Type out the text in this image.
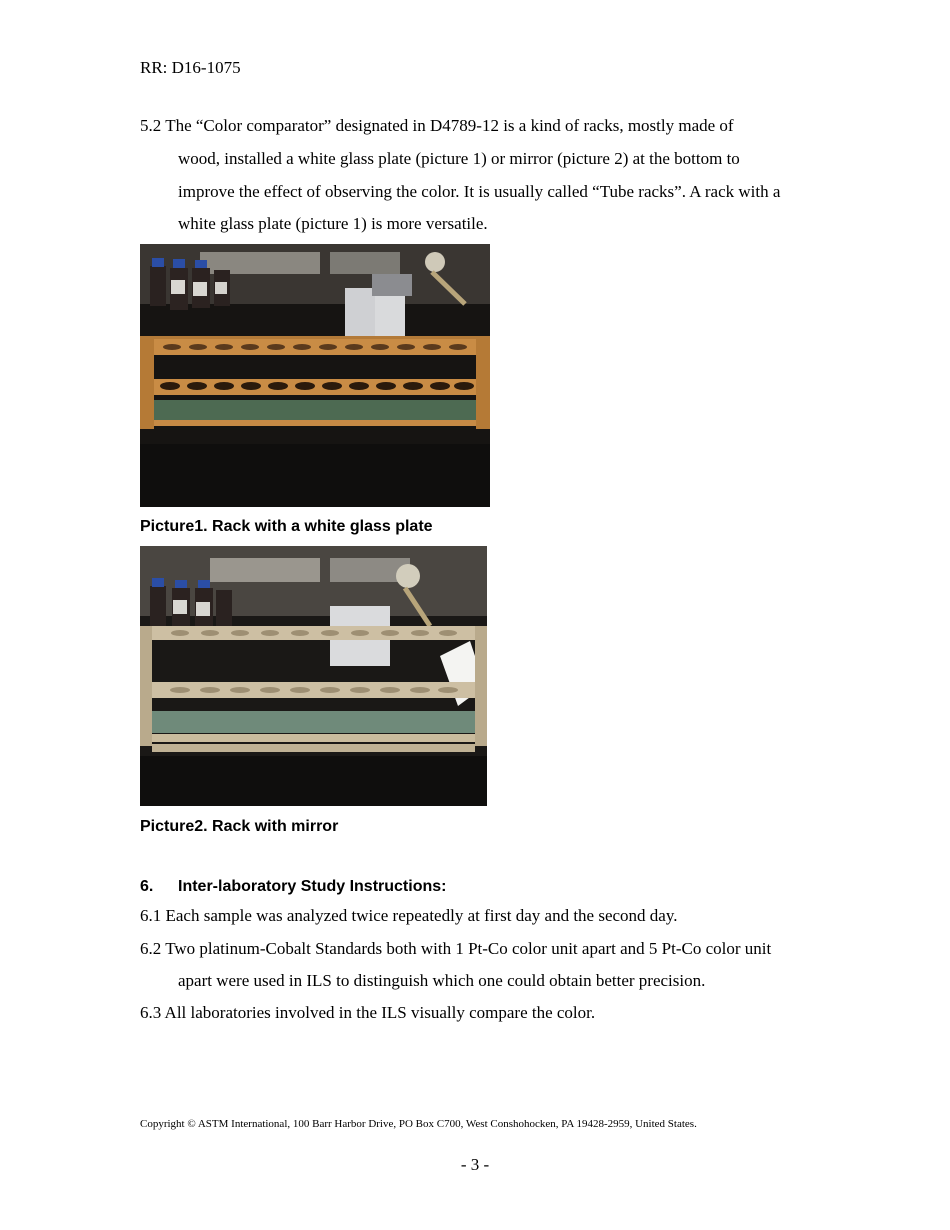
RR: D16-1075
5.2 The “Color comparator” designated in D4789-12 is a kind of racks, mostly made of
wood, installed a white glass plate (picture 1) or mirror (picture 2) at the bottom to
improve the effect of observing the color. It is usually called “Tube racks”. A rack with a
white glass plate (picture 1) is more versatile.
Picture1. Rack with a white glass plate
Picture2. Rack with mirror
6. Inter-laboratory Study Instructions:
6.1 Each sample was analyzed twice repeatedly at first day and the second day.
6.2 Two platinum-Cobalt Standards both with 1 Pt-Co color unit apart and 5 Pt-Co color unit
apart were used in ILS to distinguish which one could obtain better precision.
6.3 All laboratories involved in the ILS visually compare the color.
Copyright © ASTM International, 100 Barr Harbor Drive, PO Box C700, West Conshohocken, PA 19428-2959, United States.
- 3 -
